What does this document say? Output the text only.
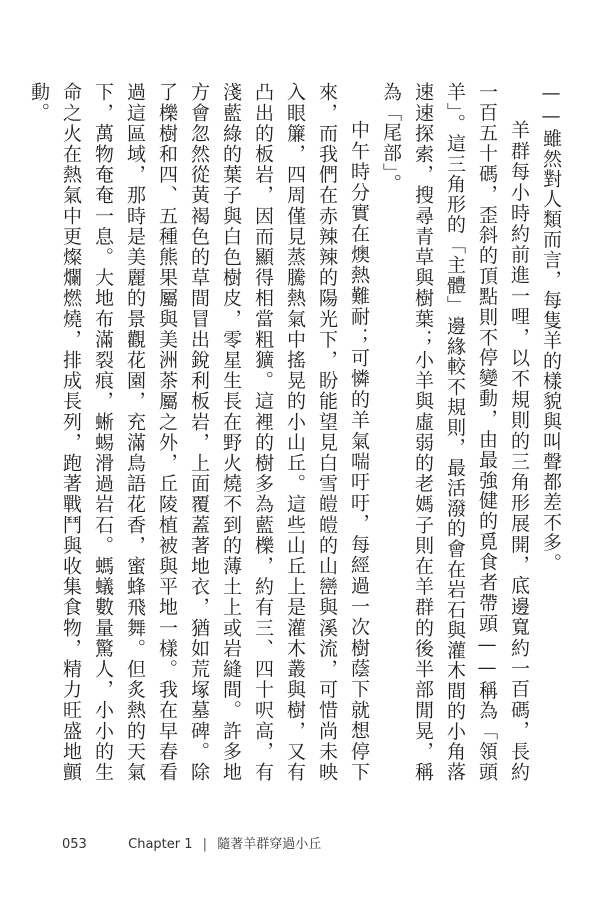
——雖然對人類而言，每隻羊的樣貌與叫聲都差不多。

羊群每小時約前進一哩，以不規則的三角形展開，底邊寬約一百碼，長約一百五十碼，歪斜的頂點則不停變動，由最強健的覓食者帶頭——稱為「領頭羊」。這三角形的「主體」邊緣較不規則，最活潑的會在岩石與灌木間的小角落速速探索，搜尋青草與樹葉；小羊與虛弱的老媽子則在羊群的後半部閒晃，稱為「尾部」。

中午時分實在燠熱難耐；可憐的羊氣喘吁吁，每經過一次樹蔭下就想停下來，而我們在赤辣辣的陽光下，盼能望見白雪皚皚的山巒與溪流，可惜尚未映入眼簾，四周僅見蒸騰熱氣中搖晃的小山丘。這些山丘上是灌木叢與樹，又有凸出的板岩，因而顯得相當粗獷。這裡的樹多為藍櫟，約有三、四十呎高，有淺藍綠的葉子與白色樹皮，零星生長在野火燒不到的薄土上或岩縫間。許多地方會忽然從黃褐色的草間冒出銳利板岩，上面覆蓋著地衣，猶如荒塚墓碑。除了櫟樹和四、五種熊果屬與美洲茶屬之外，丘陵植被與平地一樣。我在早春看過這區域，那時是美麗的景觀花園，充滿鳥語花香，蜜蜂飛舞。但炙熱的天氣下，萬物奄奄一息。大地布滿裂痕，蜥蜴滑過岩石。螞蟻數量驚人，小小的生命之火在熱氣中更燦爛燃燒，排成長列，跑著戰鬥與收集食物，精力旺盛地顫動。

053	Chapter 1 | 隨著羊群穿過小丘
